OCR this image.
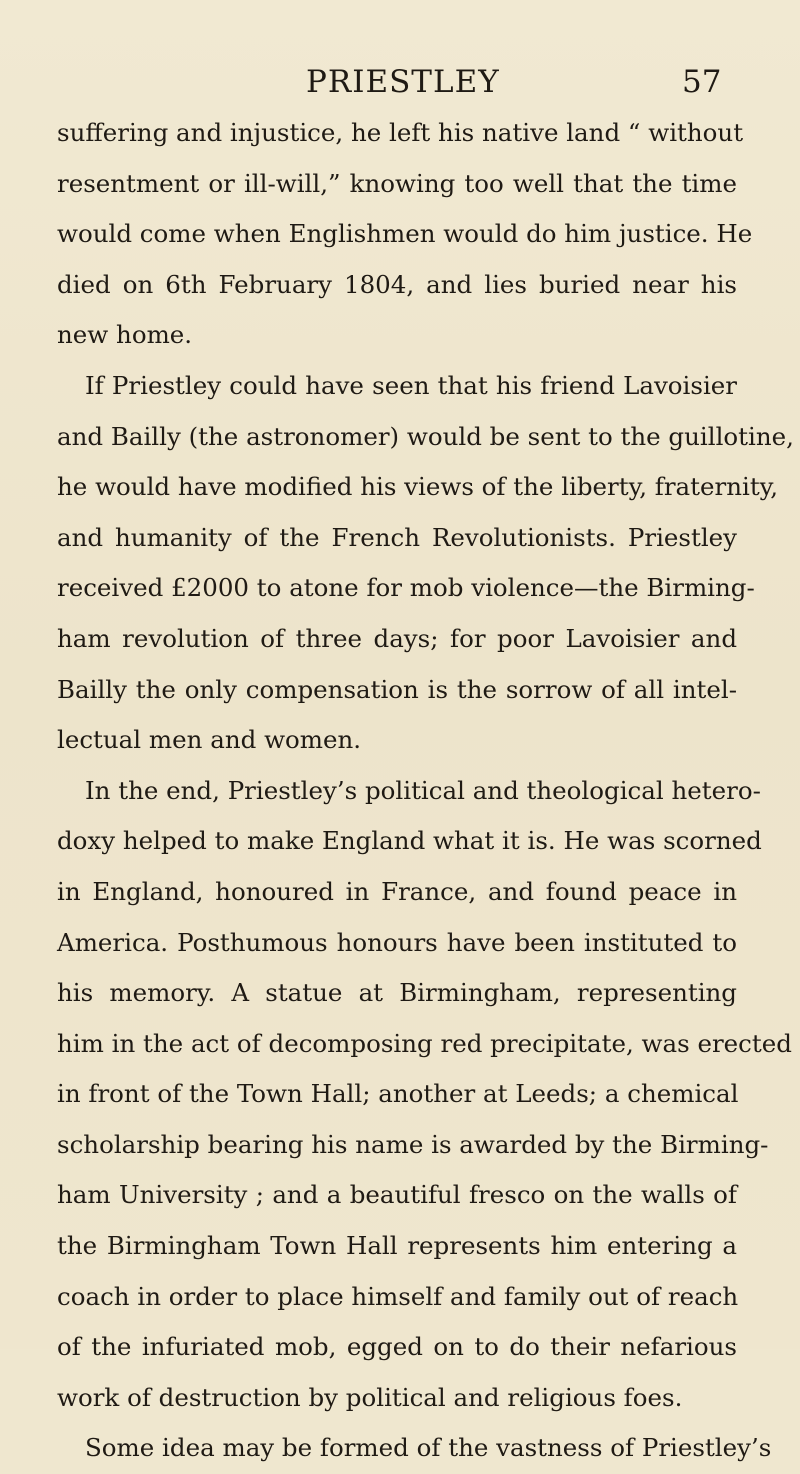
PRIESTLEY	57
suffering and injustice, he left his native land “ without
resentment or ill-will,” knowing too well that the time
would come when Englishmen would do him justice. He
died on 6th February 1804, and lies buried near his
new home.
If Priestley could have seen that his friend Lavoisier
and Bailly (the astronomer) would be sent to the guillotine,
he would have modified his views of the liberty, fraternity,
and humanity of the French Revolutionists. Priestley
received £2000 to atone for mob violence—the Birming-
ham revolution of three days; for poor Lavoisier and
Bailly the only compensation is the sorrow of all intel-
lectual men and women.
In the end, Priestley’s political and theological hetero-
doxy helped to make England what it is. He was scorned
in England, honoured in France, and found peace in
America. Posthumous honours have been instituted to
his memory. A statue at Birmingham, representing
him in the act of decomposing red precipitate, was erected
in front of the Town Hall; another at Leeds; a chemical
scholarship bearing his name is awarded by the Birming-
ham University ; and a beautiful fresco on the walls of
the Birmingham Town Hall represents him entering a
coach in order to place himself and family out of reach
of the infuriated mob, egged on to do their nefarious
work of destruction by political and religious foes.
Some idea may be formed of the vastness of Priestley’s
